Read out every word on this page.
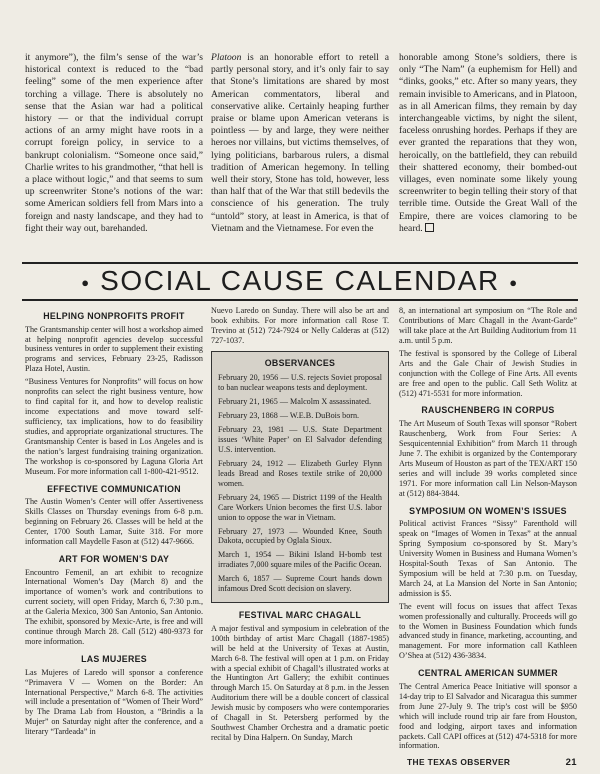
it anymore”), the film’s sense of the war’s historical context is reduced to the “bad feeling” some of the men experience after torching a village. There is absolutely no sense that the Asian war had a political history — or that the individual corrupt actions of an army might have roots in a corrupt foreign policy, in service to a bankrupt colonialism. “Someone once said,” Charlie writes to his grandmother, “that hell is a place without logic,” and that seems to sum up screenwriter Stone’s notions of the war: some American soldiers fell from Mars into a foreign and nasty landscape, and they had to fight their way out, barehanded.

Platoon is an honorable effort to retell a partly personal story, and it’s only fair to say that Stone’s limitations are shared by most American commentators, liberal and conservative alike. Certainly heaping further praise or blame upon American veterans is pointless — by and large, they were neither heroes nor villains, but victims themselves, of lying politicians, barbarous rulers, a dismal tradition of American hegemony. In telling well their story, Stone has told, however, less than half that of the War that still bedevils the conscience of his generation. The truly “untold” story, at least in America, is that of Vietnam and the Vietnamese. For even the

honorable among Stone’s soldiers, there is only “The Nam” (a euphemism for Hell) and “dinks, gooks,” etc. After so many years, they remain invisible to Americans, and in Platoon, as in all American films, they remain by day interchangeable victims, by night the silent, faceless onrushing hordes. Perhaps if they are ever granted the reparations that they won, heroically, on the battlefield, they can rebuild their shattered economy, their bombed-out villages, even nominate some likely young screenwriter to begin telling their story of that terrible time. Outside the Great Wall of the Empire, there are voices clamoring to be heard.

● SOCIAL CAUSE CALENDAR ●
HELPING NONPROFITS PROFIT

The Grantsmanship center will host a workshop aimed at helping nonprofit agencies develop successful business ventures in order to supplement their existing programs and services, February 23-25, Radisson Plaza Hotel, Austin.

“Business Ventures for Nonprofits” will focus on how nonprofits can select the right business venture, how to find capital for it, and how to develop realistic income expectations and move toward self-sufficiency, tax implications, how to do feasibility studies, and appropriate organizational structures. The Grantsmanship Center is based in Los Angeles and is the nation’s largest fundraising training organization. The workshop is co-sponsored by Laguna Gloria Art Museum. For more information call 1-800-421-9512.

EFFECTIVE COMMUNICATION

The Austin Women’s Center will offer Assertiveness Skills Classes on Thursday evenings from 6-8 p.m. beginning on February 26. Classes will be held at the Center, 1700 South Lamar, Suite 318. For more information call Maydelle Fason at (512) 447-9666.

ART FOR WOMEN’S DAY

Encountro Femenil, an art exhibit to recognize International Women’s Day (March 8) and the importance of women’s work and contributions to current society, will open Friday, March 6, 7:30 p.m., at the Galeria Mexico, 300 San Antonio, San Antonio. The exhibit, sponsored by Mexic-Arte, is free and will continue through March 28. Call (512) 480-9373 for more information.

LAS MUJERES

Las Mujeres of Laredo will sponsor a conference “Primavera V — Women on the Border: An International Perspective,” March 6-8. The activities will include a presentation of “Women of Their Word” by The Drama Lab from Houston, a “Brindis a la Mujer” on Saturday night after the conference, and a literary “Tardeada” in

Nuevo Laredo on Sunday. There will also be art and book exhibits. For more information call Rose T. Trevino at (512) 724-7924 or Nelly Calderas at (512) 727-1037.

OBSERVANCES

February 20, 1956 — U.S. rejects Soviet proposal to ban nuclear weapons tests and deployment.

February 21, 1965 — Malcolm X assassinated.

February 23, 1868 — W.E.B. DuBois born.

February 23, 1981 — U.S. State Department issues ‘White Paper’ on El Salvador defending U.S. intervention.

February 24, 1912 — Elizabeth Gurley Flynn leads Bread and Roses textile strike of 20,000 women.

February 24, 1965 — District 1199 of the Health Care Workers Union becomes the first U.S. labor union to oppose the war in Vietnam.

February 27, 1973 — Wounded Knee, South Dakota, occupied by Oglala Sioux.

March 1, 1954 — Bikini Island H-bomb test irradiates 7,000 square miles of the Pacific Ocean.

March 6, 1857 — Supreme Court hands down infamous Dred Scott decision on slavery.

FESTIVAL MARC CHAGALL

A major festival and symposium in celebration of the 100th birthday of artist Marc Chagall (1887-1985) will be held at the University of Texas at Austin, March 6-8. The festival will open at 1 p.m. on Friday with a special exhibit of Chagall’s illustrated works at the Huntington Art Gallery; the exhibit continues through March 15. On Saturday at 8 p.m. in the Jessen Auditorium there will be a double concert of classical Jewish music by composers who were contemporaries of Chagall in St. Petersberg performed by the Southwest Chamber Orchestra and a dramatic poetic recital by Dina Halpern. On Sunday, March

8, an international art symposium on “The Role and Contributions of Marc Chagall in the Avant-Garde” will take place at the Art Building Auditorium from 11 a.m. until 5 p.m.

The festival is sponsored by the College of Liberal Arts and the Gale Chair of Jewish Studies in conjunction with the College of Fine Arts. All events are free and open to the public. Call Seth Wolitz at (512) 471-5531 for more information.

RAUSCHENBERG IN CORPUS

The Art Museum of South Texas will sponsor “Robert Rauschenberg, Work from Four Series: A Sesquicentennial Exhibition” from March 11 through June 7. The exhibit is organized by the Contemporary Arts Museum of Houston as part of the TEX/ART 150 series and will include 39 works completed since 1971. For more information call Lin Nelson-Mayson at (512) 884-3844.

SYMPOSIUM ON WOMEN’S ISSUES

Political activist Frances “Sissy” Farenthold will speak on “Images of Women in Texas” at the annual Spring Symposium co-sponsored by St. Mary’s University Women in Business and Humana Women’s Hospital-South Texas of San Antonio. The Symposium will be held at 7:30 p.m. on Tuesday, March 24, at La Mansion del Norte in San Antonio; admission is $5.

The event will focus on issues that affect Texas women professionally and culturally. Proceeds will go to the Women in Business Foundation which funds advanced study in finance, marketing, accounting, and management. For more information call Kathleen O’Shea at (512) 436-3834.

CENTRAL AMERICAN SUMMER

The Central America Peace Initiative will sponsor a 14-day trip to El Salvador and Nicaragua this summer from June 27-July 9. The trip’s cost will be $950 which will include round trip air fare from Houston, food and lodging, airport taxes and information packets. Call CAPI offices at (512) 474-5318 for more information.

THE TEXAS OBSERVER	21
